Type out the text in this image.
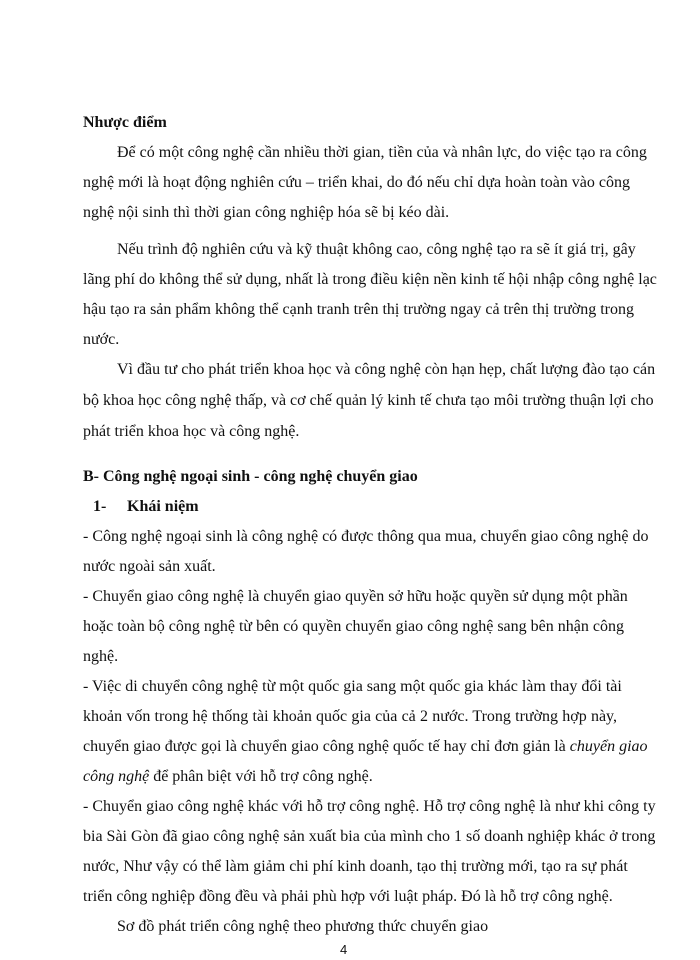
Nhược điểm
Để có một công nghệ cần nhiều thời gian, tiền của và nhân lực, do việc tạo ra công
nghệ mới là hoạt động nghiên cứu – triển khai, do đó nếu chỉ dựa hoàn toàn vào công
nghệ nội sinh thì thời gian công nghiệp hóa sẽ bị kéo dài.
Nếu trình độ nghiên cứu và kỹ thuật không cao, công nghệ tạo ra sẽ ít giá trị, gây
lãng phí do không thể sử dụng, nhất là trong điều kiện nền kinh tế hội nhập công nghệ lạc
hậu tạo ra sản phẩm không thể cạnh tranh trên thị trường ngay cả trên thị trường trong
nước.
Vì đầu tư cho phát triển khoa học và công nghệ còn hạn hẹp, chất lượng đào tạo cán
bộ khoa học công nghệ thấp, và cơ chế quản lý kinh tế chưa tạo môi trường thuận lợi cho
phát triển khoa học và công nghệ.
B- Công nghệ ngoại sinh - công nghệ chuyển giao
1- Khái niệm
- Công nghệ ngoại sinh là công nghệ có được thông qua mua, chuyển giao công nghệ do
nước ngoài sản xuất.
- Chuyển giao công nghệ là chuyển giao quyền sở hữu hoặc quyền sử dụng một phần
hoặc toàn bộ công nghệ từ bên có quyền chuyển giao công nghệ sang bên nhận công
nghệ.
- Việc di chuyển công nghệ từ một quốc gia sang một quốc gia khác làm thay đổi tài
khoản vốn trong hệ thống tài khoản quốc gia của cả 2 nước. Trong trường hợp này,
chuyển giao được gọi là chuyển giao công nghệ quốc tế hay chỉ đơn giản là chuyển giao
công nghệ để phân biệt với hỗ trợ công nghệ.
- Chuyển giao công nghệ khác với hỗ trợ công nghệ. Hỗ trợ công nghệ là như khi công ty
bia Sài Gòn đã giao công nghệ sản xuất bia của mình cho 1 số doanh nghiệp khác ở trong
nước, Như vậy có thể làm giảm chi phí kinh doanh, tạo thị trường mới, tạo ra sự phát
triển công nghiệp đồng đều và phải phù hợp với luật pháp. Đó là hỗ trợ công nghệ.
Sơ đồ phát triển công nghệ theo phương thức chuyển giao
4
